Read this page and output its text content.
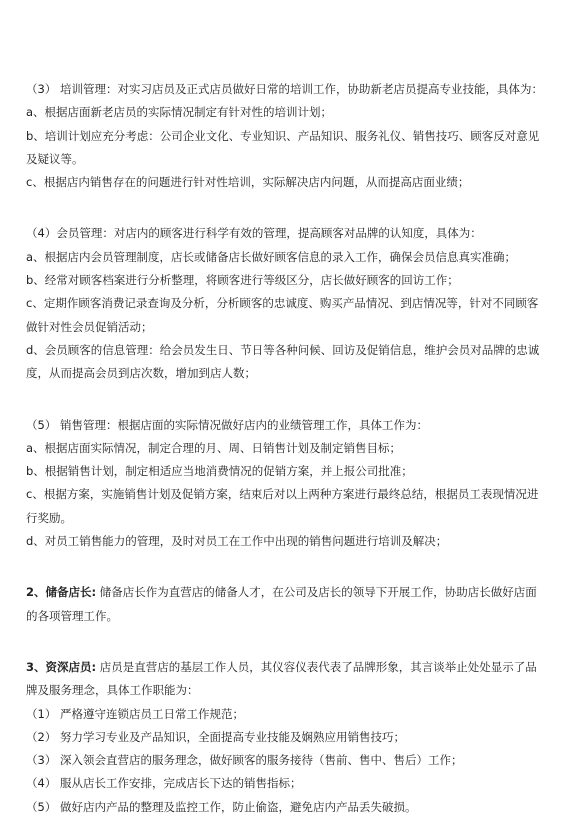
（3） 培训管理：对实习店员及正式店员做好日常的培训工作，协助新老店员提高专业技能，具体为：
a、根据店面新老店员的实际情况制定有针对性的培训计划；
b、培训计划应充分考虑：公司企业文化、专业知识、产品知识、服务礼仪、销售技巧、顾客反对意见
及疑议等。
c、根据店内销售存在的问题进行针对性培训，实际解决店内问题，从而提高店面业绩；
（4）会员管理：对店内的顾客进行科学有效的管理，提高顾客对品牌的认知度，具体为：
a、根据店内会员管理制度，店长或储备店长做好顾客信息的录入工作，确保会员信息真实准确；
b、经常对顾客档案进行分析整理，将顾客进行等级区分，店长做好顾客的回访工作；
c、定期作顾客消费记录查询及分析，分析顾客的忠诚度、购买产品情况、到店情况等，针对不同顾客
做针对性会员促销活动；
d、会员顾客的信息管理：给会员发生日、节日等各种问候、回访及促销信息，维护会员对品牌的忠诚
度，从而提高会员到店次数，增加到店人数；
（5） 销售管理：根据店面的实际情况做好店内的业绩管理工作，具体工作为：
a、根据店面实际情况，制定合理的月、周、日销售计划及制定销售目标；
b、根据销售计划，制定相适应当地消费情况的促销方案，并上报公司批准；
c、根据方案，实施销售计划及促销方案，结束后对以上两种方案进行最终总结，根据员工表现情况进
行奖励。
d、对员工销售能力的管理，及时对员工在工作中出现的销售问题进行培训及解决；
2、储备店长: 储备店长作为直营店的储备人才，在公司及店长的领导下开展工作，协助店长做好店面
的各项管理工作。
3、资深店员: 店员是直营店的基层工作人员，其仪容仪表代表了品牌形象，其言谈举止处处显示了品
牌及服务理念，具体工作职能为：
（1） 严格遵守连锁店员工日常工作规范；
（2） 努力学习专业及产品知识，全面提高专业技能及娴熟应用销售技巧；
（3） 深入领会直营店的服务理念，做好顾客的服务接待（售前、售中、售后）工作；
（4） 服从店长工作安排，完成店长下达的销售指标；
（5） 做好店内产品的整理及监控工作，防止偷盗，避免店内产品丢失破损。
